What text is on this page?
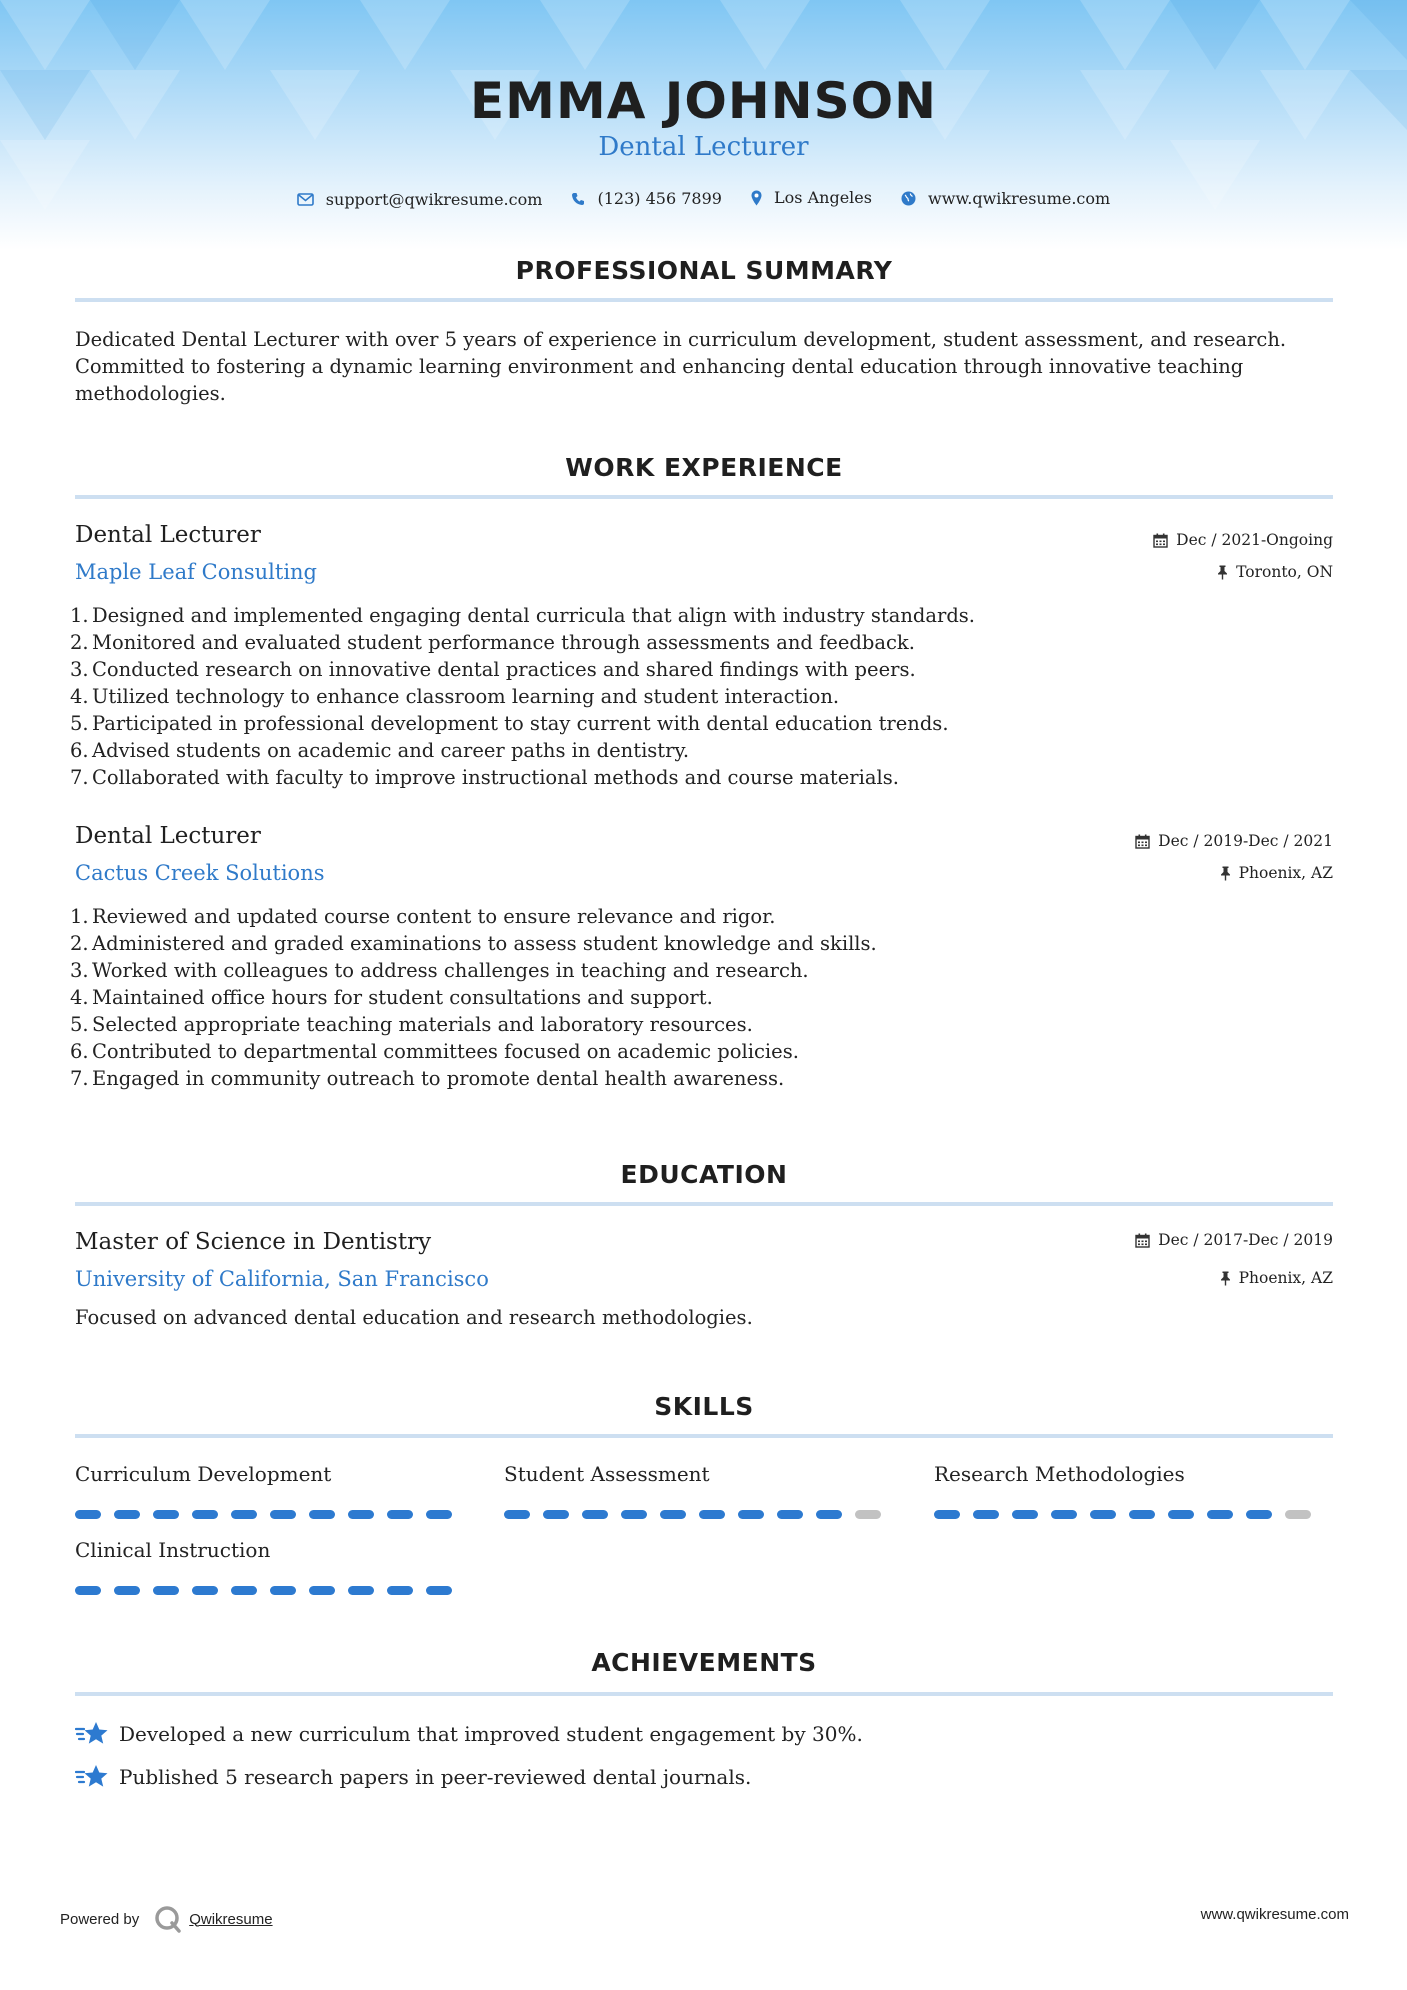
EMMA JOHNSON
Dental Lecturer
support@qwikresume.com
	(123) 456 7899
	Los Angeles
	www.qwikresume.com
PROFESSIONAL SUMMARY
Dedicated Dental Lecturer with over 5 years of experience in curriculum development, student assessment, and research.
Committed to fostering a dynamic learning environment and enhancing dental education through innovative teaching
methodologies.
WORK EXPERIENCE
Dental Lecturer
Maple Leaf Consulting
Dec / 2021-Ongoing
Toronto, ON
1. Designed and implemented engaging dental curricula that align with industry standards.
2. Monitored and evaluated student performance through assessments and feedback.
3. Conducted research on innovative dental practices and shared findings with peers.
4. Utilized technology to enhance classroom learning and student interaction.
5. Participated in professional development to stay current with dental education trends.
6. Advised students on academic and career paths in dentistry.
7. Collaborated with faculty to improve instructional methods and course materials.
Dental Lecturer
Cactus Creek Solutions
Dec / 2019-Dec / 2021
Phoenix, AZ
1. Reviewed and updated course content to ensure relevance and rigor.
2. Administered and graded examinations to assess student knowledge and skills.
3. Worked with colleagues to address challenges in teaching and research.
4. Maintained office hours for student consultations and support.
5. Selected appropriate teaching materials and laboratory resources.
6. Contributed to departmental committees focused on academic policies.
7. Engaged in community outreach to promote dental health awareness.
EDUCATION
Master of Science in Dentistry
University of California, San Francisco
Dec / 2017-Dec / 2019
Phoenix, AZ
Focused on advanced dental education and research methodologies.
SKILLS
Curriculum Development	Student Assessment	Research Methodologies
Clinical Instruction
ACHIEVEMENTS
Developed a new curriculum that improved student engagement by 30%.
Published 5 research papers in peer-reviewed dental journals.
Powered by	Qwikresume	www.qwikresume.com
